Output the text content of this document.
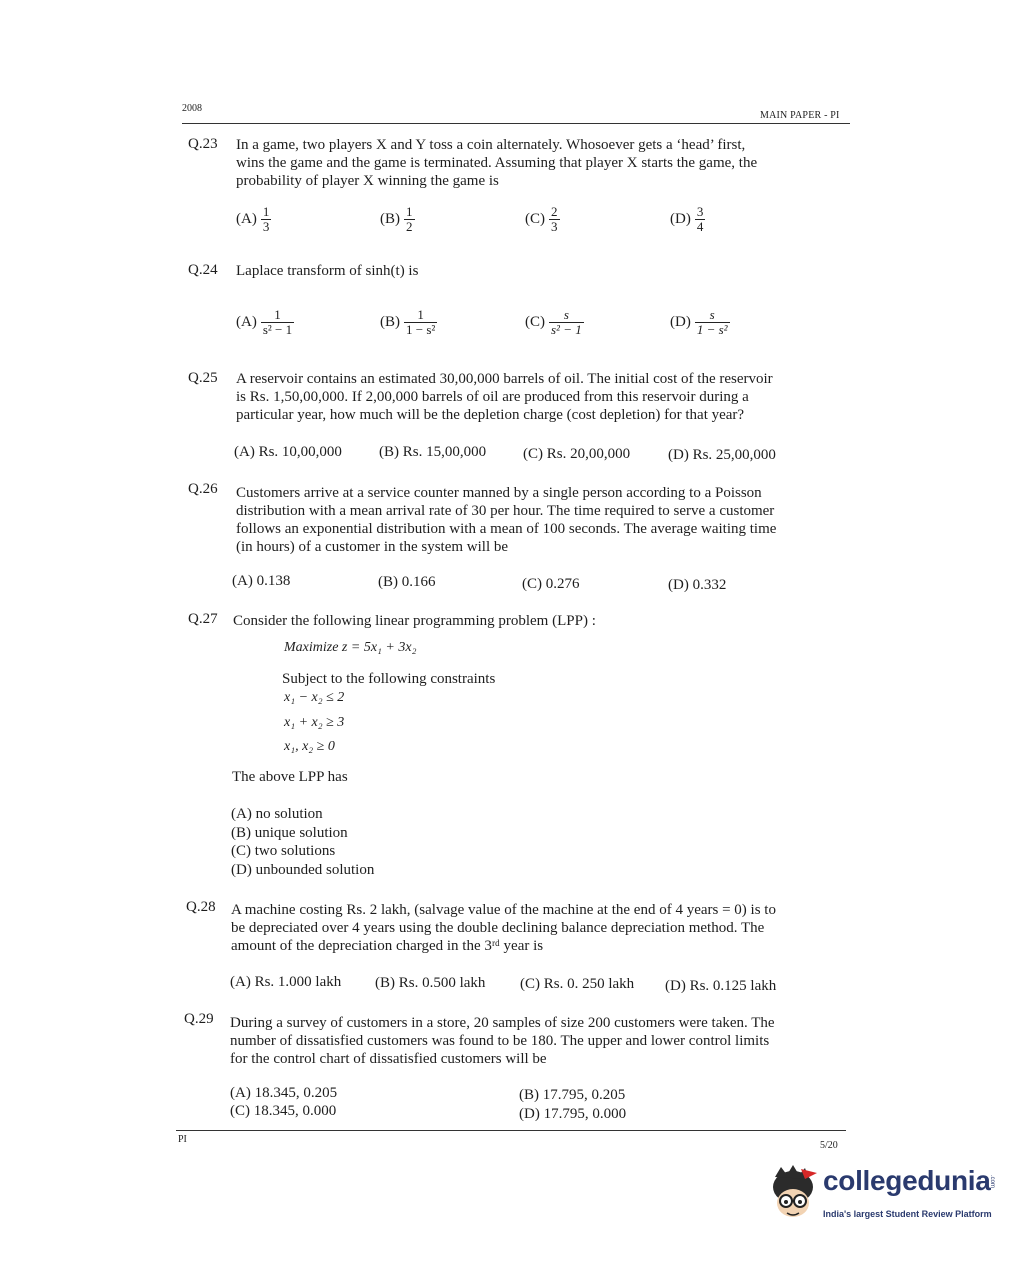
2008
MAIN PAPER - PI
Q.23 In a game, two players X and Y toss a coin alternately. Whosoever gets a ‘head’ first,
wins the game and the game is terminated. Assuming that player X starts the game, the
probability of player X winning the game is
$(A) \frac{1}{3}$	$(B) \frac{1}{2}$	$(C) \frac{2}{3}$	$(D) \frac{3}{4}$
Q.24 Laplace transform of sinh(t) is
$(A) \frac{1}{\text{s² − 1}}$	$(B) \frac{1}{\text{1 − s²}}$	$(C) \frac{s}{\text{s² − 1}}$	$(D) \frac{s}{\text{1 − s²}}$
Q.25 A reservoir contains an estimated 30,00,000 barrels of oil. The initial cost of the reservoir
is Rs. 1,50,00,000. If 2,00,000 barrels of oil are produced from this reservoir during a
particular year, how much will be the depletion charge (cost depletion) for that year?
(A) Rs. 10,00,000 (B) Rs. 15,00,000 (C) Rs. 20,00,000	(D) Rs. 25,00,000
Q.26 Customers arrive at a service counter manned by a single person according to a Poisson
distribution with a mean arrival rate of 30 per hour. The time required to serve a customer
follows an exponential distribution with a mean of 100 seconds. The average waiting time
(in hours) of a customer in the system will be
(A) 0.138	(B) 0.166	(C) 0.276	(D) 0.332
Q.27 Consider the following linear programming problem (LPP) :
Maximize z = 5x₁ + 3x₂
Subject to the following constraints
x₁ − x₂ ≤ 2
x₁ + x₂ ≥ 3
x₁, x₂ ≥ 0
The above LPP has
(A) no solution
(B) unique solution
(C) two solutions
(D) unbounded solution
Q.28 A machine costing Rs. 2 lakh, (salvage value of the machine at the end of 4 years = 0) is to
be depreciated over 4 years using the double declining balance depreciation method. The
amount of the depreciation charged in the 3ʳᵈ year is
(A) Rs. 1.000 lakh (B) Rs. 0.500 lakh (C) Rs. 0. 250 lakh (D) Rs. 0.125 lakh
Q.29 During a survey of customers in a store, 20 samples of size 200 customers were taken. The
number of dissatisfied customers was found to be 180. The upper and lower control limits
for the control chart of dissatisfied customers will be
(A) 18.345, 0.205	(B) 17.795, 0.205
(C) 18.345, 0.000	(D) 17.795, 0.000
PI
5/20
collegedunia
.com
India's largest Student Review Platform
